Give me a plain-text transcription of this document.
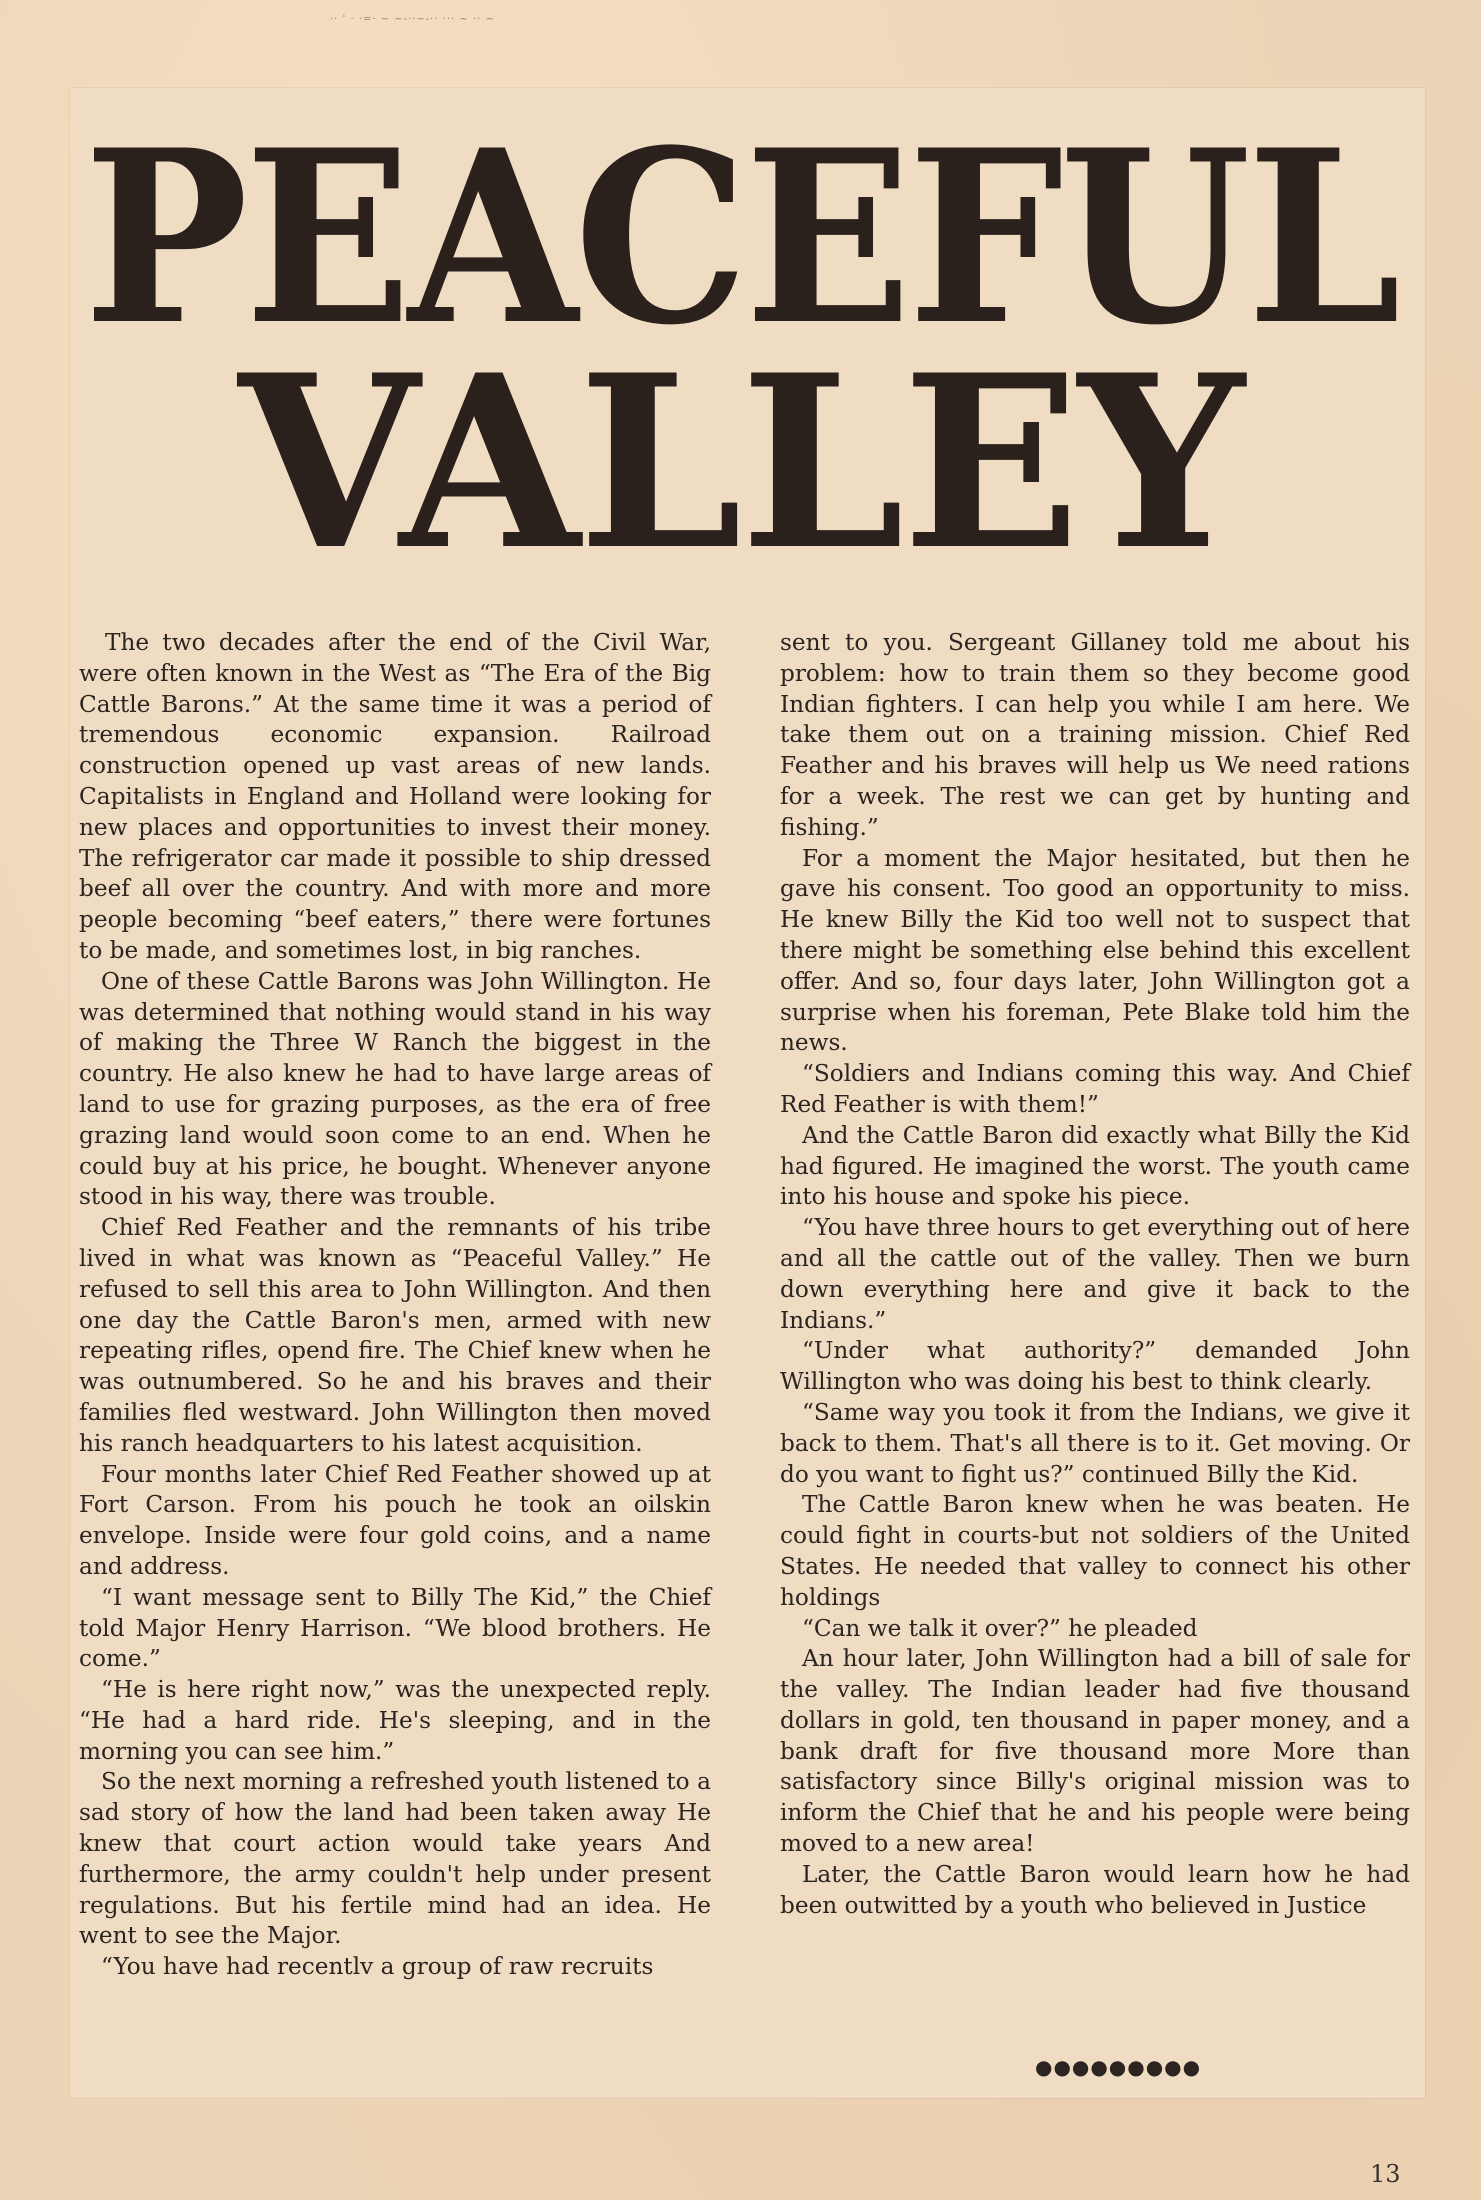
·· ' · ·=· ~ ~-··~-·· ··· ~ ·· ~
PEACEFUL
VALLEY

The two decades after the end of the Civil War, were often known in the West as “The Era of the Big Cattle Barons.” At the same time it was a period of tremendous economic expansion. Railroad construction opened up vast areas of new lands. Capitalists in England and Holland were looking for new places and opportunities to invest their money. The refrigerator car made it possible to ship dressed beef all over the country. And with more and more people becoming “beef eaters,” there were fortunes to be made, and sometimes lost, in big ranches.

One of these Cattle Barons was John Willington. He was determined that nothing would stand in his way of making the Three W Ranch the biggest in the country. He also knew he had to have large areas of land to use for grazing purposes, as the era of free grazing land would soon come to an end. When he could buy at his price, he bought. Whenever anyone stood in his way, there was trouble.

Chief Red Feather and the remnants of his tribe lived in what was known as “Peaceful Valley.” He refused to sell this area to John Willington. And then one day the Cattle Baron's men, armed with new repeating rifles, opend fire. The Chief knew when he was outnumbered. So he and his braves and their families fled westward. John Willington then moved his ranch headquarters to his latest acquisition.

Four months later Chief Red Feather showed up at Fort Carson. From his pouch he took an oilskin envelope. Inside were four gold coins, and a name and address.

“I want message sent to Billy The Kid,” the Chief told Major Henry Harrison. “We blood brothers. He come.”

“He is here right now,” was the unexpected reply. “He had a hard ride. He's sleeping, and in the morning you can see him.”

So the next morning a refreshed youth listened to a sad story of how the land had been taken away He knew that court action would take years And furthermore, the army couldn't help under present regulations. But his fertile mind had an idea. He went to see the Major.

“You have had recentlv a group of raw recruits

sent to you. Sergeant Gillaney told me about his problem: how to train them so they become good Indian fighters. I can help you while I am here. We take them out on a training mission. Chief Red Feather and his braves will help us We need rations for a week. The rest we can get by hunting and fishing.”

For a moment the Major hesitated, but then he gave his consent. Too good an opportunity to miss. He knew Billy the Kid too well not to suspect that there might be something else behind this excellent offer. And so, four days later, John Willington got a surprise when his foreman, Pete Blake told him the news.

“Soldiers and Indians coming this way. And Chief Red Feather is with them!”

And the Cattle Baron did exactly what Billy the Kid had figured. He imagined the worst. The youth came into his house and spoke his piece.

“You have three hours to get everything out of here and all the cattle out of the valley. Then we burn down everything here and give it back to the Indians.”

“Under what authority?” demanded John Willington who was doing his best to think clearly.

“Same way you took it from the Indians, we give it back to them. That's all there is to it. Get moving. Or do you want to fight us?” continued Billy the Kid.

The Cattle Baron knew when he was beaten. He could fight in courts-but not soldiers of the United States. He needed that valley to connect his other holdings

“Can we talk it over?” he pleaded

An hour later, John Willington had a bill of sale for the valley. The Indian leader had five thousand dollars in gold, ten thousand in paper money, and a bank draft for five thousand more More than satisfactory since Billy's original mission was to inform the Chief that he and his people were being moved to a new area!

Later, the Cattle Baron would learn how he had been outwitted by a youth who believed in Justice

●●●●●●●●●
13
